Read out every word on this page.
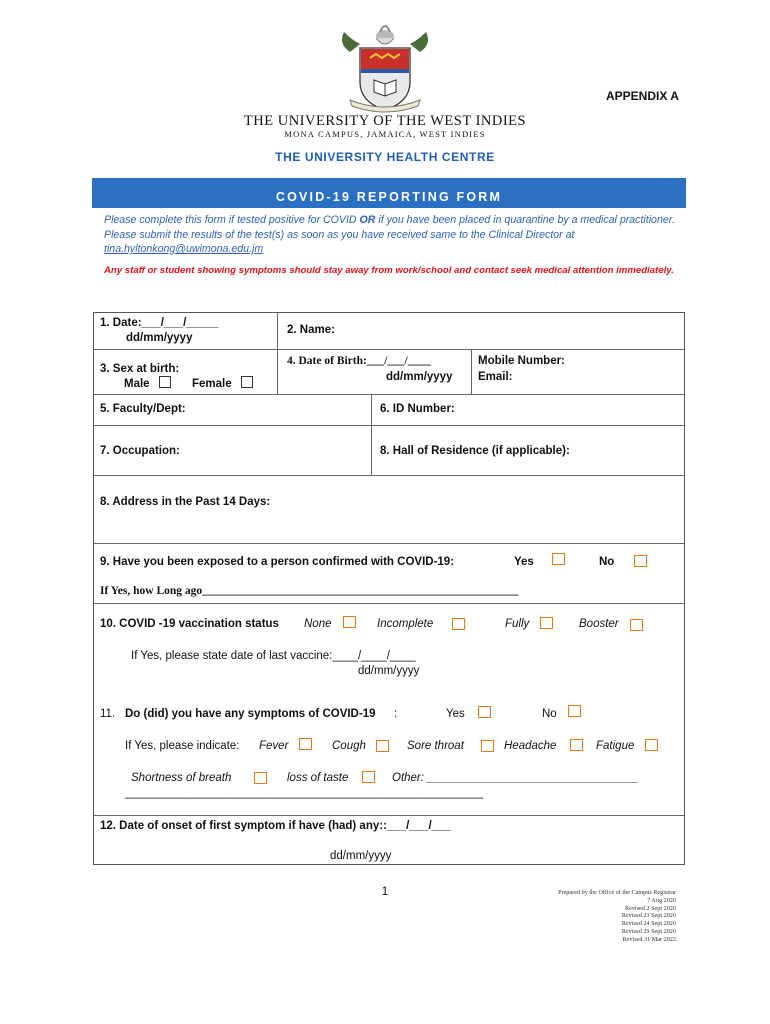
APPENDIX A
THE UNIVERSITY OF THE WEST INDIES
MONA CAMPUS, JAMAICA, WEST INDIES
THE UNIVERSITY HEALTH CENTRE
COVID-19 REPORTING FORM
Please complete this form if tested positive for COVID OR if you have been placed in quarantine by a medical practitioner. Please submit the results of the test(s) as soon as you have received same to the Clinical Director at tina.hyltonkong@uwimona.edu.jm
Any staff or student showing symptoms should stay away from work/school and contact seek medical attention immediately.
1. Date:___/___/_____
dd/mm/yyyy
2. Name:
3. Sex at birth:
Male	Female
4. Date of Birth:___/___/____
dd/mm/yyyy
Mobile Number:
Email:
5. Faculty/Dept:	6. ID Number:
7. Occupation:	8. Hall of Residence (if applicable):
8. Address in the Past 14 Days:
9. Have you been exposed to a person confirmed with COVID-19:	Yes	No
If Yes, how Long ago_______________________________________________________
10. COVID -19 vaccination status None	Incomplete	Fully	Booster
If Yes, please state date of last vaccine:____/____/____
dd/mm/yyyy
11. Do (did) you have any symptoms of COVID-19 :	Yes	No
If Yes, please indicate: Fever	Cough	Sore throat	Headache	Fatigue
Shortness of breath	loss of taste	Other: _________________________________
________________________________________________________
12. Date of onset of first symptom if have (had) any::___/___/___
dd/mm/yyyy
1	Prepared by the Office of the Campus Registrar
7 Aug 2020
Revised 2 Sept 2020
Revised 23 Sept 2020
Revised 24 Sept 2020
Revised 29 Sept 2020
Revised 31 Mar 2022
